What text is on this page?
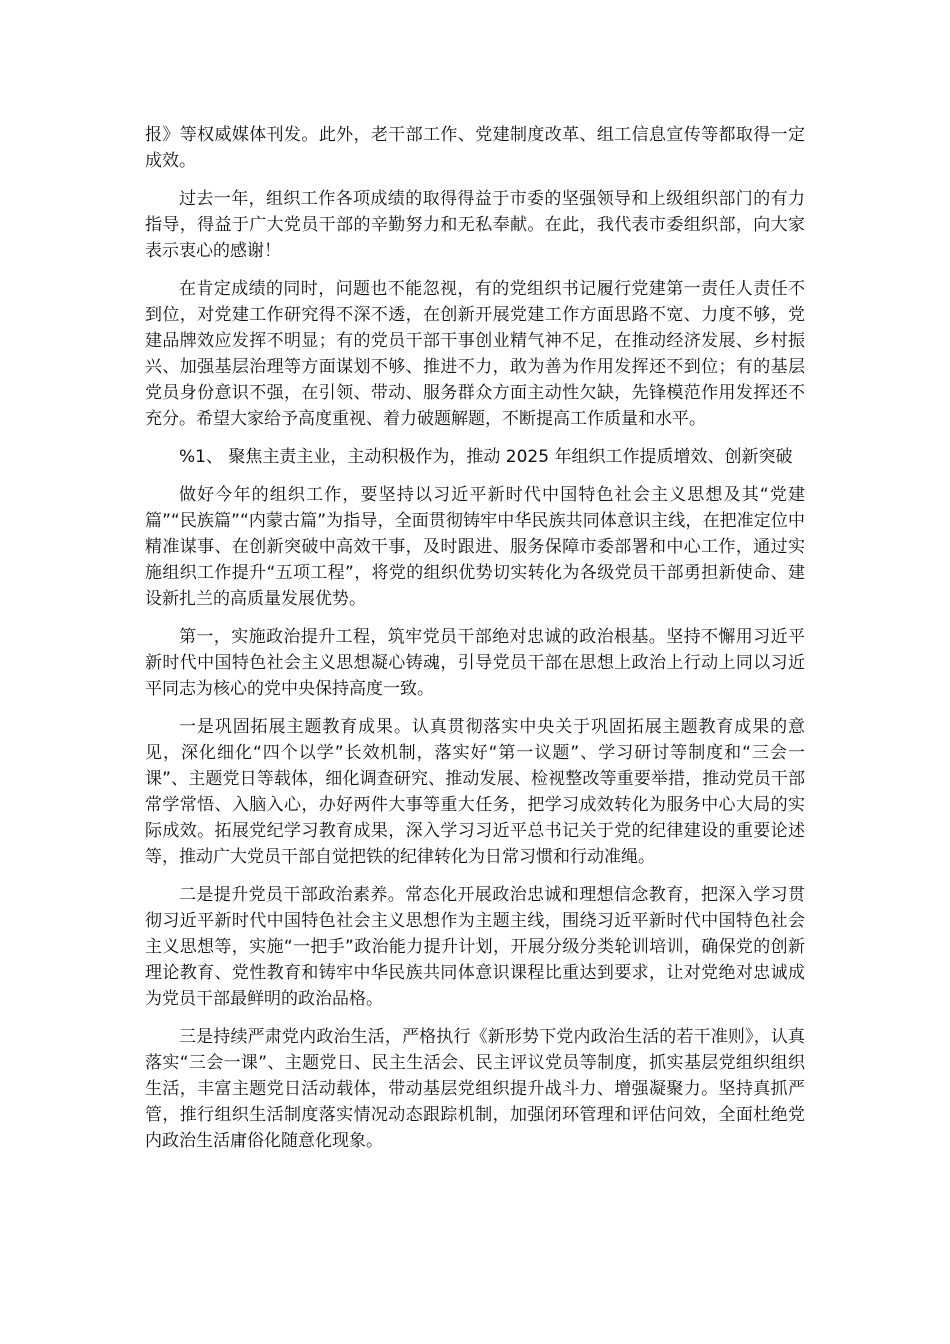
报》等权威媒体刊发。此外，老干部工作、党建制度改革、组工信息宣传等都取得一定成效。

过去一年，组织工作各项成绩的取得得益于市委的坚强领导和上级组织部门的有力指导，得益于广大党员干部的辛勤努力和无私奉献。在此，我代表市委组织部，向大家表示衷心的感谢！

在肯定成绩的同时，问题也不能忽视，有的党组织书记履行党建第一责任人责任不到位，对党建工作研究得不深不透，在创新开展党建工作方面思路不宽、力度不够，党建品牌效应发挥不明显；有的党员干部干事创业精气神不足，在推动经济发展、乡村振兴、加强基层治理等方面谋划不够、推进不力，敢为善为作用发挥还不到位；有的基层党员身份意识不强，在引领、带动、服务群众方面主动性欠缺，先锋模范作用发挥还不充分。希望大家给予高度重视、着力破题解题，不断提高工作质量和水平。

%1、 聚焦主责主业，主动积极作为，推动 2025 年组织工作提质增效、创新突破

做好今年的组织工作，要坚持以习近平新时代中国特色社会主义思想及其“党建篇”“民族篇”“内蒙古篇”为指导，全面贯彻铸牢中华民族共同体意识主线，在把准定位中精准谋事、在创新突破中高效干事，及时跟进、服务保障市委部署和中心工作，通过实施组织工作提升“五项工程”，将党的组织优势切实转化为各级党员干部勇担新使命、建设新扎兰的高质量发展优势。

第一，实施政治提升工程，筑牢党员干部绝对忠诚的政治根基。坚持不懈用习近平新时代中国特色社会主义思想凝心铸魂，引导党员干部在思想上政治上行动上同以习近平同志为核心的党中央保持高度一致。

一是巩固拓展主题教育成果。认真贯彻落实中央关于巩固拓展主题教育成果的意见，深化细化“四个以学”长效机制，落实好“第一议题”、学习研讨等制度和“三会一课”、主题党日等载体，细化调查研究、推动发展、检视整改等重要举措，推动党员干部常学常悟、入脑入心，办好两件大事等重大任务，把学习成效转化为服务中心大局的实际成效。拓展党纪学习教育成果，深入学习习近平总书记关于党的纪律建设的重要论述等，推动广大党员干部自觉把铁的纪律转化为日常习惯和行动准绳。

二是提升党员干部政治素养。常态化开展政治忠诚和理想信念教育，把深入学习贯彻习近平新时代中国特色社会主义思想作为主题主线，围绕习近平新时代中国特色社会主义思想等，实施“一把手”政治能力提升计划，开展分级分类轮训培训，确保党的创新理论教育、党性教育和铸牢中华民族共同体意识课程比重达到要求，让对党绝对忠诚成为党员干部最鲜明的政治品格。

三是持续严肃党内政治生活，严格执行《新形势下党内政治生活的若干准则》，认真落实“三会一课”、主题党日、民主生活会、民主评议党员等制度，抓实基层党组织组织生活，丰富主题党日活动载体，带动基层党组织提升战斗力、增强凝聚力。坚持真抓严管，推行组织生活制度落实情况动态跟踪机制，加强闭环管理和评估问效，全面杜绝党内政治生活庸俗化随意化现象。
